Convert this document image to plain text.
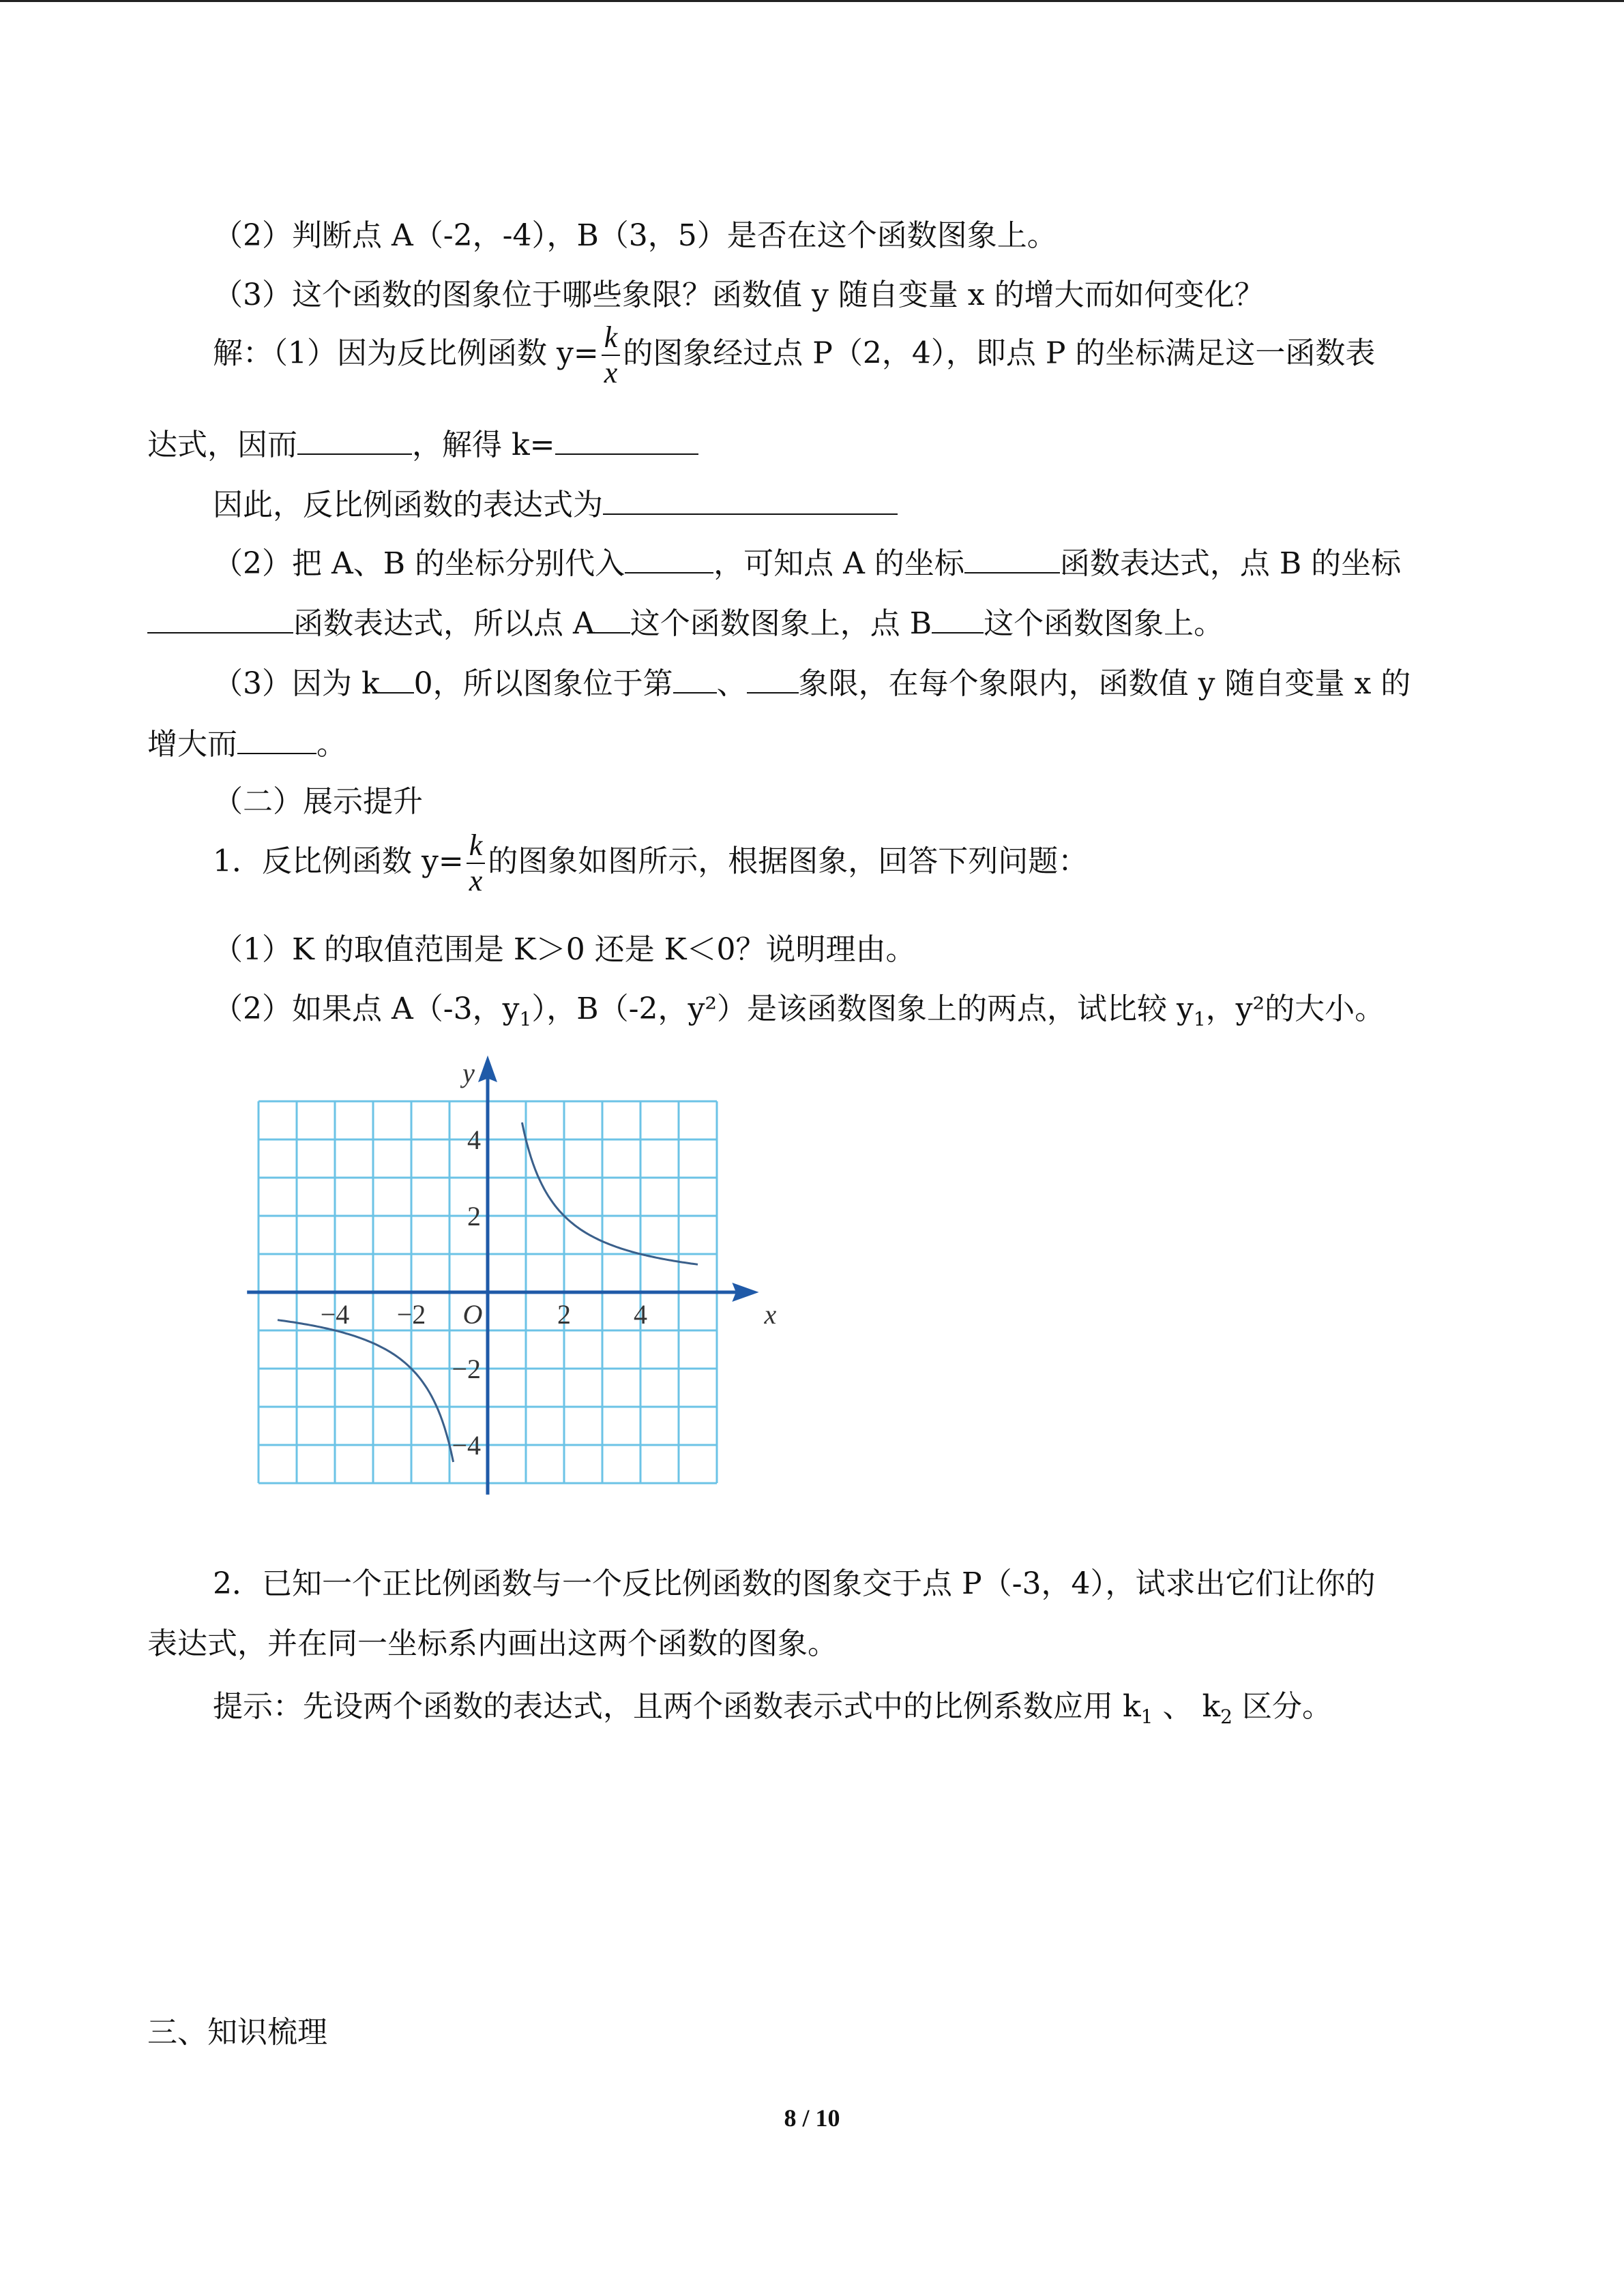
（2）判断点 A（-2，-4），B（3，5）是否在这个函数图象上。
（3）这个函数的图象位于哪些象限？函数值 y 随自变量 x 的增大而如何变化？
解：（1）因为反比例函数 $y= \frac{k}{x}$ 的图象经过点 P（2，4），即点 P 的坐标满足这一函数表
达式，因而	，解得 k=
因此，反比例函数的表达式为
（2）把 A、B 的坐标分别代入	，可知点 A 的坐标	函数表达式，点 B 的坐标
函数表达式，所以点 A 这个函数图象上，点 B 这个函数图象上。
（3）因为 k 0，所以图象位于第 、 象限，在每个象限内，函数值 y 随自变量 x 的
增大而	。
（二）展示提升
1．反比例函数 $y= \frac{k}{x}$ 的图象如图所示，根据图象，回答下列问题：
（1）K 的取值范围是 K＞0 还是 K＜0？说明理由。
（2）如果点 A（-3，$y_1$），B（-2，y²）是该函数图象上的两点，试比较 $y_1$，y²的大小。
−4 −2	2 4
4
2
−2
−4
O	x
y
2．已知一个正比例函数与一个反比例函数的图象交于点 P（-3，4），试求出它们让你的
表达式，并在同一坐标系内画出这两个函数的图象。
提示：先设两个函数的表达式，且两个函数表示式中的比例系数应用 $k_1$ 、 $k_2$ 区分。
三、知识梳理
8 / 10
